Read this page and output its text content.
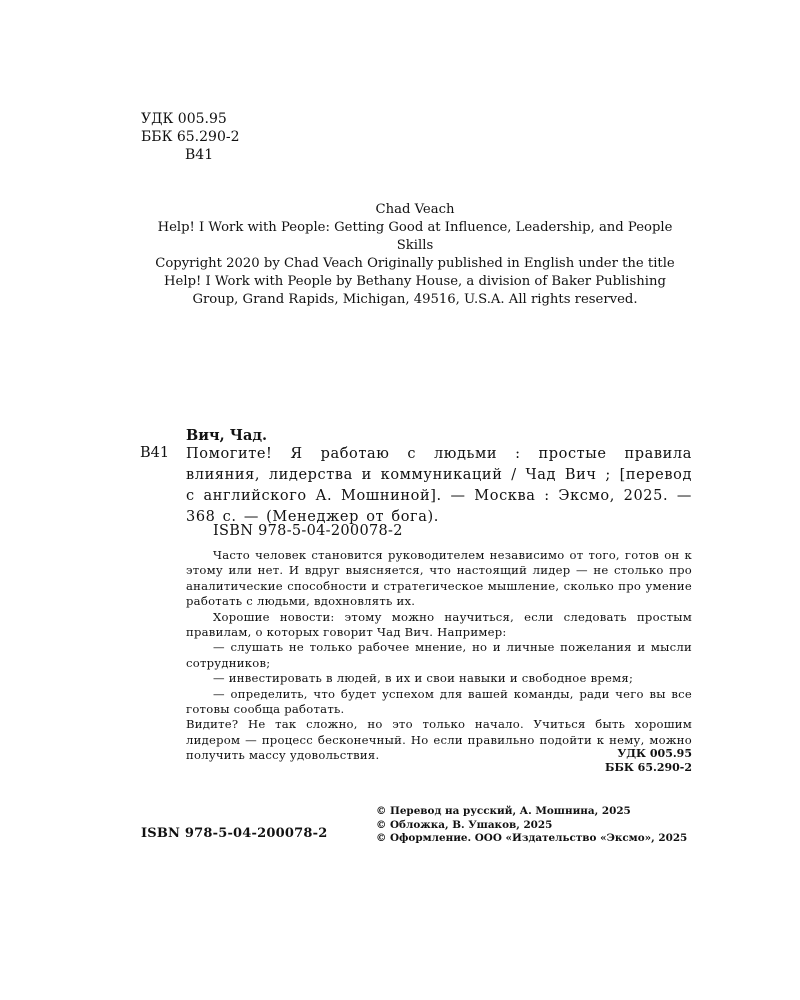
УДК 005.95
ББК 65.290-2
В41
Chad Veach
Help! I Work with People: Getting Good at Influence, Leadership, and People Skills
Copyright 2020 by Chad Veach Originally published in English under the title Help! I Work with People by Bethany House, a division of Baker Publishing Group, Grand Rapids, Michigan, 49516, U.S.A. All rights reserved.
Вич, Чад.
В41 Помогите! Я работаю с людьми : простые правила влияния, лидерства и коммуникаций / Чад Вич ; [перевод с английского А. Мошниной]. — Москва : Эксмо, 2025. — 368 с. — (Менеджер от бога).
ISBN 978-5-04-200078-2

Часто человек становится руководителем независимо от того, готов он к этому или нет. И вдруг выясняется, что настоящий лидер — не столько про аналитические способности и стратегическое мышление, сколько про умение работать с людьми, вдохновлять их.

Хорошие новости: этому можно научиться, если следовать простым правилам, о которых говорит Чад Вич. Например:

— слушать не только рабочее мнение, но и личные пожелания и мысли сотрудников;

— инвестировать в людей, в их и свои навыки и свободное время;

— определить, что будет успехом для вашей команды, ради чего вы все готовы сообща работать.

Видите? Не так сложно, но это только начало. Учиться быть хорошим лидером — процесс бесконечный. Но если правильно подойти к нему, можно получить массу удовольствия.	УДК 005.95
ББК 65.290-2
ISBN 978-5-04-200078-2
© Перевод на русский, А. Мошнина, 2025
© Обложка, В. Ушаков, 2025
© Оформление. ООО «Издательство «Эксмо», 2025
